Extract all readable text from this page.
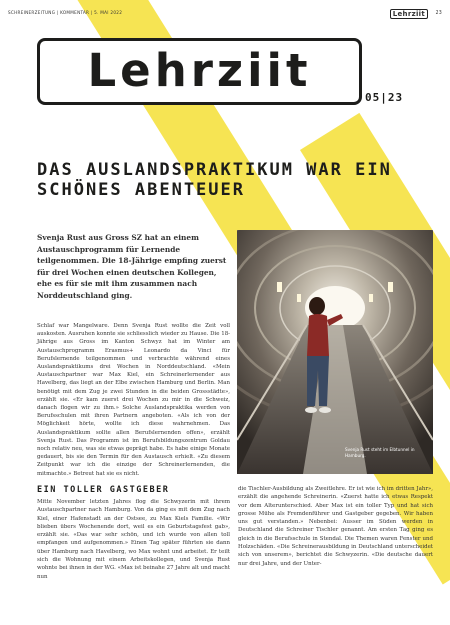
SCHREINERZEITUNG | KOMMENTAR | 5. MAI 2022	Lehrziit	23
Lehrziit
05|23
DAS AUSLANDSPRAKTIKUM WAR EIN SCHÖNES ABENTEUER
Svenja Rust aus Gross SZ hat an einem Austauschprogramm für Lernende teilgenommen. Die 18-Jährige empfing zuerst für drei Wochen einen deutschen Kollegen, ehe es für sie mit ihm zusammen nach Norddeutschland ging.
Svenja Rust steht im Elbtunnel in Hamburg.

Schlaf war Mangelware. Denn Svenja Rust wollte die Zeit voll auskosten. Ausruhen konnte sie schliesslich wieder zu Hause. Die 18-Jährige aus Gross im Kanton Schwyz hat im Winter am Austauschprogramm Erasmus+ Leonardo da Vinci für Berufslernende teilgenommen und verbrachte während eines Auslandspraktikums drei Wochen in Norddeutschland. «Mein Austauschpartner war Max Kiel, ein Schreinerlernender aus Havelberg, das liegt an der Elbe zwischen Hamburg und Berlin. Man benötigt mit dem Zug je zwei Stunden in die beiden Grossstädte», erzählt sie. «Er kam zuerst drei Wochen zu mir in die Schweiz, danach flogen wir zu ihm.» Solche Auslandspraktika werden von Berufsschulen mit ihren Partnern angeboten. «Als ich von der Möglichkeit hörte, wollte ich diese wahrnehmen. Das Auslandspraktikum sollte allen Berufslernenden offen», erzählt Svenja Rust. Das Programm ist im Berufsbildungszentrum Goldau noch relativ neu, was sie etwas geprägt habe. Es habe einige Monate gedauert, bis sie den Termin für den Austausch erhielt. «Zu diesem Zeitpunkt war ich die einzige der Schreinerlernenden, die mitmachte.» Betreut hat sie es nicht.

EIN TOLLER GASTGEBER

Mitte November letzten Jahres flog die Schwyzerin mit ihrem Austauschpartner nach Hamburg. Von da ging es mit dem Zug nach Kiel, einer Hafenstadt an der Ostsee, zu Max Kiels Familie. «Wir blieben übers Wochenende dort, weil es ein Geburtstagsfest gab», erzählt sie. «Das war sehr schön, und ich wurde von allen toll empfangen und aufgenommen.» Einen Tag später führten sie dann über Hamburg nach Havelberg, wo Max wohnt und arbeitet. Er teilt sich die Wohnung mit einem Arbeitskollegen, und Svenja Rust wohnte bei ihnen in der WG. «Max ist beinahe 27 Jahre alt und macht nun

die Tischler-Ausbildung als Zweitlehre. Er ist wie ich im dritten Jahr», erzählt die angehende Schreinerin. «Zuerst hatte ich etwas Respekt vor dem Alterunterschied. Aber Max ist ein toller Typ und hat sich grosse Mühe als Fremdenführer und Gastgeber gegeben. Wir haben uns gut verstanden.» Nebenbei: Ausser im Süden werden in Deutschland die Schreiner Tischler genannt. Am ersten Tag ging es gleich in die Berufsschule in Stendal. Die Themen waren Fenster und Holzschäden. «Die Schreinerausbildung in Deutschland unterscheidet sich von unserem», berichtet die Schwyzerin. «Die deutsche dauert nur drei Jahre, und der Unter-
